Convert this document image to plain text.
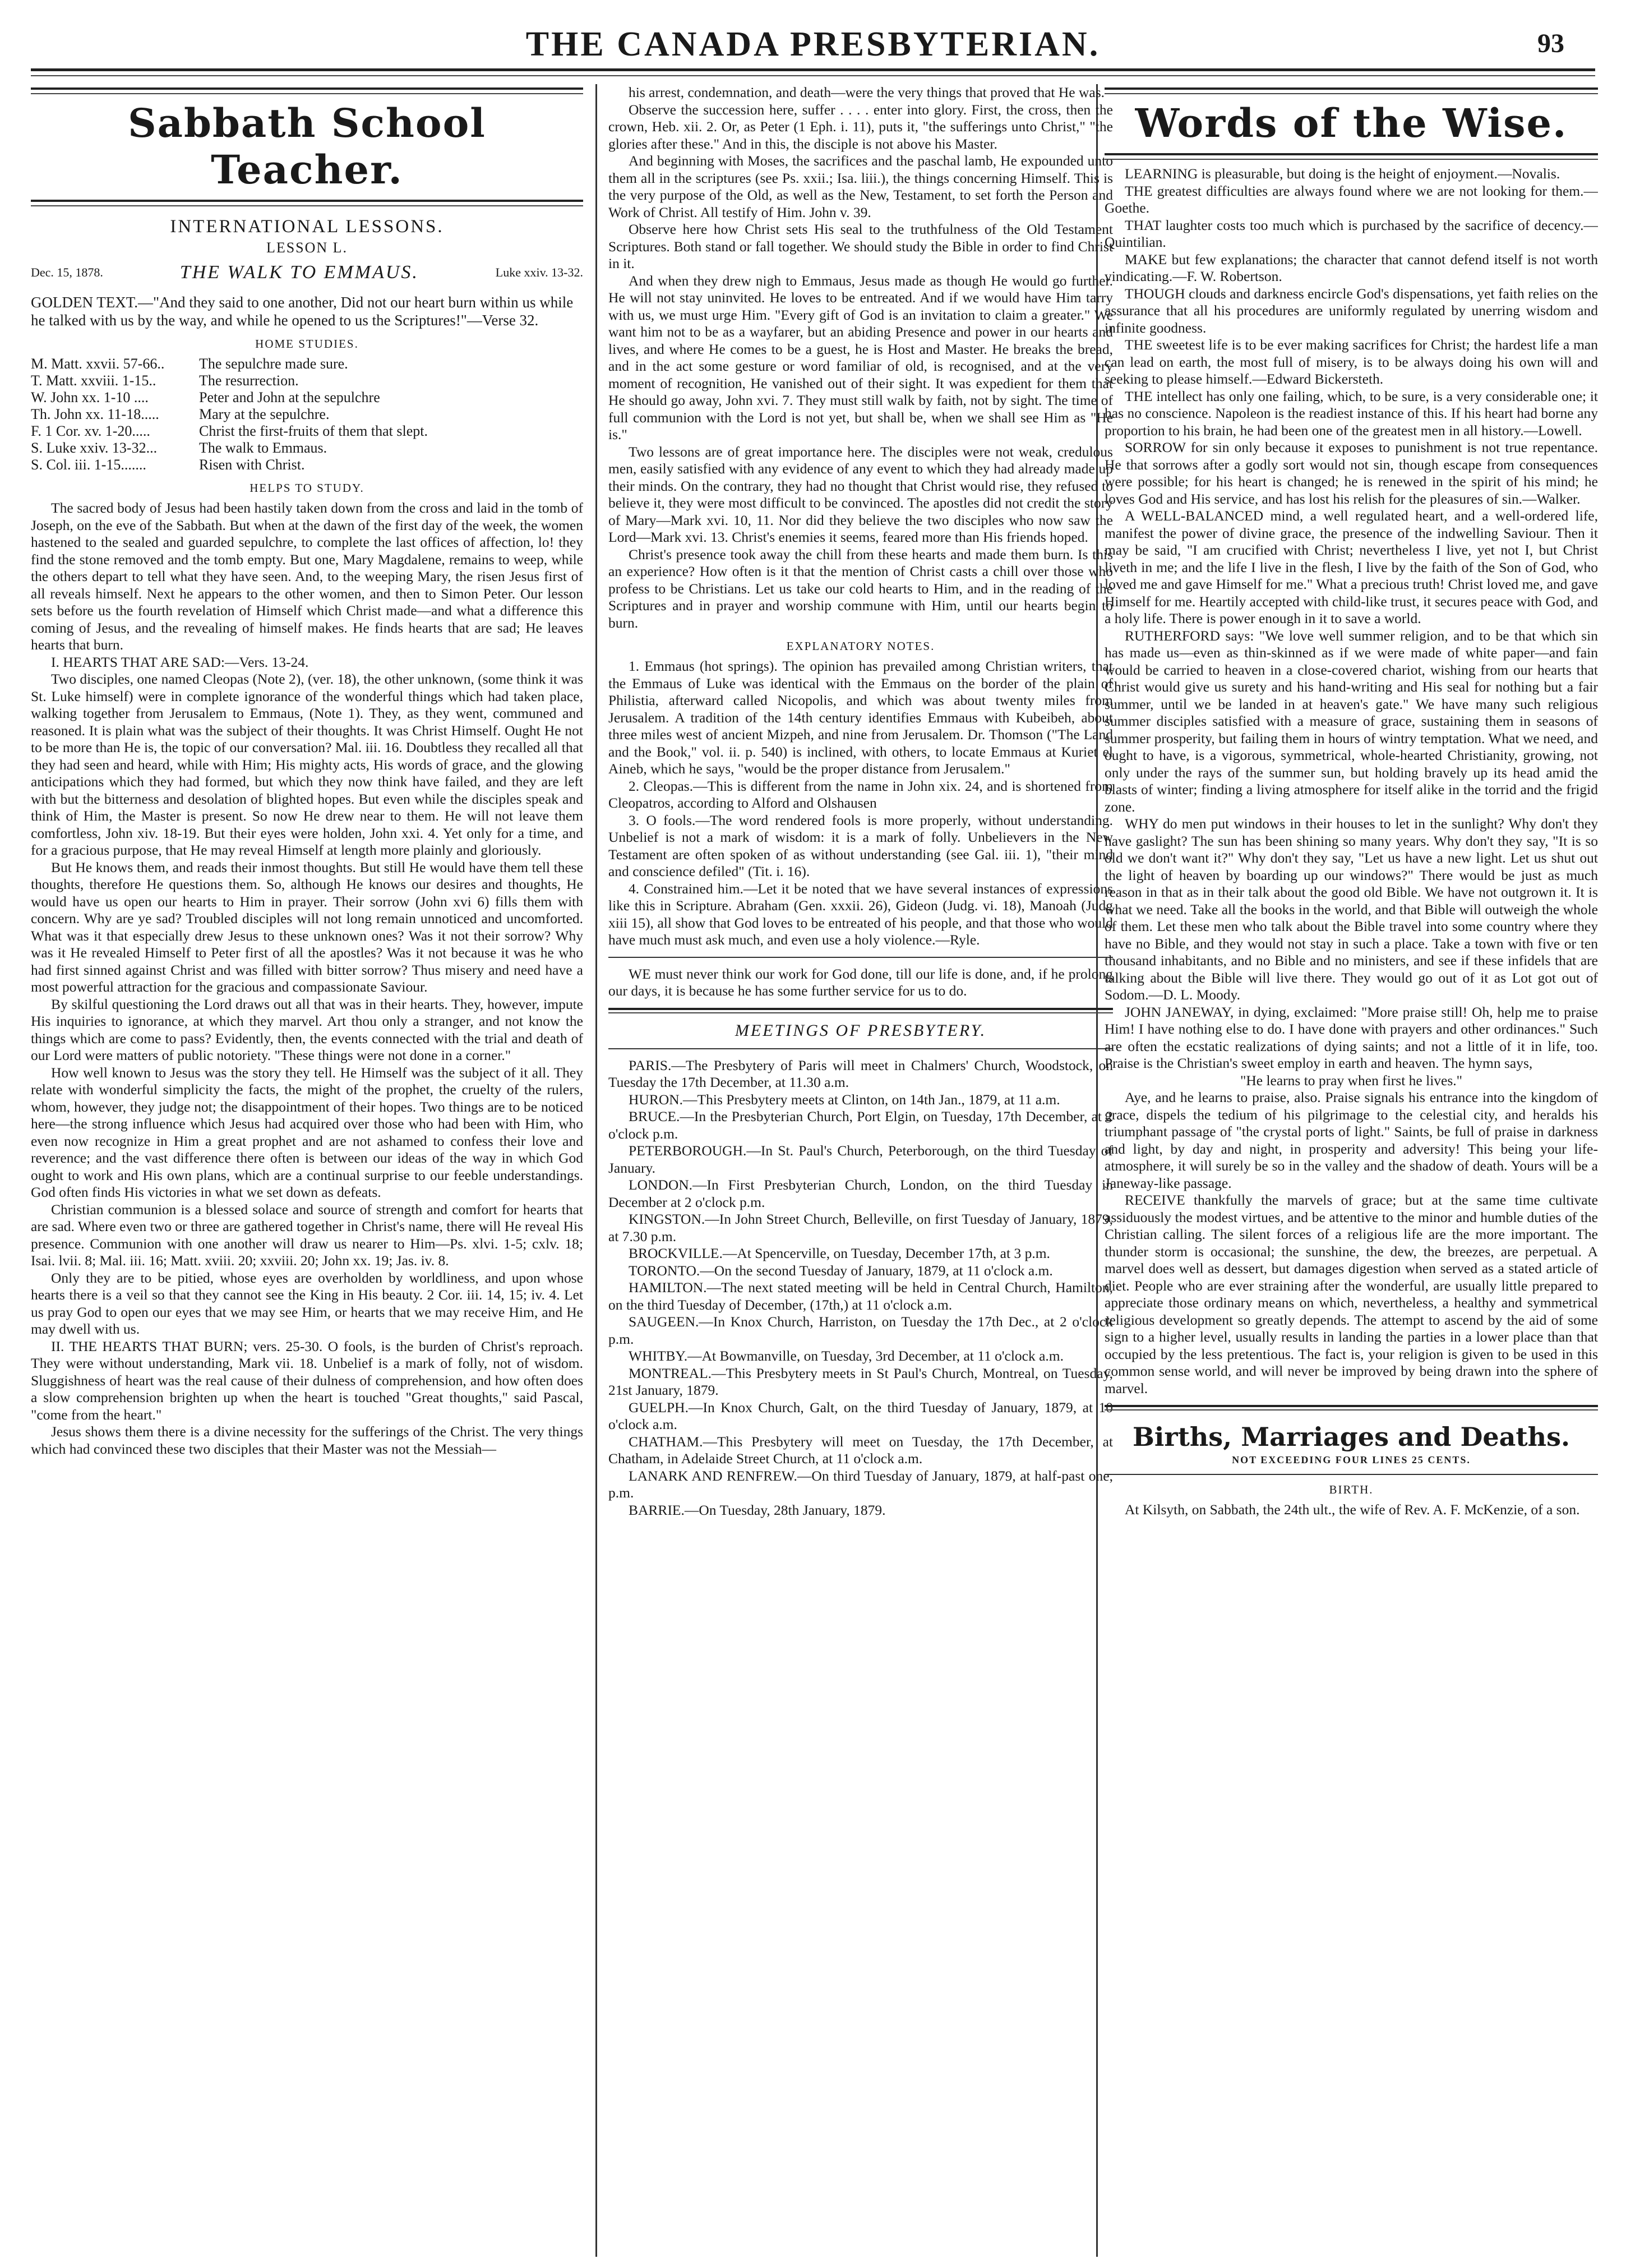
THE CANADA PRESBYTERIAN.	93
Sabbath School Teacher.
INTERNATIONAL LESSONS.
LESSON L.
Dec. 15, 1878.	THE WALK TO EMMAUS.	Luke xxiv. 13-32.

GOLDEN TEXT.—"And they said to one another, Did not our heart burn within us while he talked with us by the way, and while he opened to us the Scriptures!"—Verse 32.

HOME STUDIES.
M. Matt. xxvii. 57-66..	The sepulchre made sure.
T. Matt. xxviii. 1-15..	The resurrection.
W. John xx. 1-10 ....	Peter and John at the sepulchre
Th. John xx. 11-18.....	Mary at the sepulchre.
F. 1 Cor. xv. 1-20.....	Christ the first-fruits of them that slept.
S. Luke xxiv. 13-32...	The walk to Emmaus.
S. Col. iii. 1-15.......	Risen with Christ.
HELPS TO STUDY.

The sacred body of Jesus had been hastily taken down from the cross and laid in the tomb of Joseph, on the eve of the Sabbath. But when at the dawn of the first day of the week, the women hastened to the sealed and guarded sepulchre, to complete the last offices of affection, lo! they find the stone removed and the tomb empty. But one, Mary Magdalene, remains to weep, while the others depart to tell what they have seen. And, to the weeping Mary, the risen Jesus first of all reveals himself. Next he appears to the other women, and then to Simon Peter. Our lesson sets before us the fourth revelation of Himself which Christ made—and what a difference this coming of Jesus, and the revealing of himself makes. He finds hearts that are sad; He leaves hearts that burn.

I. HEARTS THAT ARE SAD:—Vers. 13-24.

Two disciples, one named Cleopas (Note 2), (ver. 18), the other unknown, (some think it was St. Luke himself) were in complete ignorance of the wonderful things which had taken place, walking together from Jerusalem to Emmaus, (Note 1). They, as they went, communed and reasoned. It is plain what was the subject of their thoughts. It was Christ Himself. Ought He not to be more than He is, the topic of our conversation? Mal. iii. 16. Doubtless they recalled all that they had seen and heard, while with Him; His mighty acts, His words of grace, and the glowing anticipations which they had formed, but which they now think have failed, and they are left with but the bitterness and desolation of blighted hopes. But even while the disciples speak and think of Him, the Master is present. So now He drew near to them. He will not leave them comfortless, John xiv. 18-19. But their eyes were holden, John xxi. 4. Yet only for a time, and for a gracious purpose, that He may reveal Himself at length more plainly and gloriously.

But He knows them, and reads their inmost thoughts. But still He would have them tell these thoughts, therefore He questions them. So, although He knows our desires and thoughts, He would have us open our hearts to Him in prayer. Their sorrow (John xvi 6) fills them with concern. Why are ye sad? Troubled disciples will not long remain unnoticed and uncomforted. What was it that especially drew Jesus to these unknown ones? Was it not their sorrow? Why was it He revealed Himself to Peter first of all the apostles? Was it not because it was he who had first sinned against Christ and was filled with bitter sorrow? Thus misery and need have a most powerful attraction for the gracious and compassionate Saviour.

By skilful questioning the Lord draws out all that was in their hearts. They, however, impute His inquiries to ignorance, at which they marvel. Art thou only a stranger, and not know the things which are come to pass? Evidently, then, the events connected with the trial and death of our Lord were matters of public notoriety. "These things were not done in a corner."

How well known to Jesus was the story they tell. He Himself was the subject of it all. They relate with wonderful simplicity the facts, the might of the prophet, the cruelty of the rulers, whom, however, they judge not; the disappointment of their hopes. Two things are to be noticed here—the strong influence which Jesus had acquired over those who had been with Him, who even now recognize in Him a great prophet and are not ashamed to confess their love and reverence; and the vast difference there often is between our ideas of the way in which God ought to work and His own plans, which are a continual surprise to our feeble understandings. God often finds His victories in what we set down as defeats.

Christian communion is a blessed solace and source of strength and comfort for hearts that are sad. Where even two or three are gathered together in Christ's name, there will He reveal His presence. Communion with one another will draw us nearer to Him—Ps. xlvi. 1-5; cxlv. 18; Isai. lvii. 8; Mal. iii. 16; Matt. xviii. 20; xxviii. 20; John xx. 19; Jas. iv. 8.

Only they are to be pitied, whose eyes are overholden by worldliness, and upon whose hearts there is a veil so that they cannot see the King in His beauty. 2 Cor. iii. 14, 15; iv. 4. Let us pray God to open our eyes that we may see Him, or hearts that we may receive Him, and He may dwell with us.

II. THE HEARTS THAT BURN; vers. 25-30. O fools, is the burden of Christ's reproach. They were without understanding, Mark vii. 18. Unbelief is a mark of folly, not of wisdom. Sluggishness of heart was the real cause of their dulness of comprehension, and how often does a slow comprehension brighten up when the heart is touched "Great thoughts," said Pascal, "come from the heart."

Jesus shows them there is a divine necessity for the sufferings of the Christ. The very things which had convinced these two disciples that their Master was not the Messiah—

his arrest, condemnation, and death—were the very things that proved that He was.

Observe the succession here, suffer . . . . enter into glory. First, the cross, then the crown, Heb. xii. 2. Or, as Peter (1 Eph. i. 11), puts it, "the sufferings unto Christ," "the glories after these." And in this, the disciple is not above his Master.

And beginning with Moses, the sacrifices and the paschal lamb, He expounded unto them all in the scriptures (see Ps. xxii.; Isa. liii.), the things concerning Himself. This is the very purpose of the Old, as well as the New, Testament, to set forth the Person and Work of Christ. All testify of Him. John v. 39.

Observe here how Christ sets His seal to the truthfulness of the Old Testament Scriptures. Both stand or fall together. We should study the Bible in order to find Christ in it.

And when they drew nigh to Emmaus, Jesus made as though He would go further. He will not stay uninvited. He loves to be entreated. And if we would have Him tarry with us, we must urge Him. "Every gift of God is an invitation to claim a greater." We want him not to be as a wayfarer, but an abiding Presence and power in our hearts and lives, and where He comes to be a guest, he is Host and Master. He breaks the bread, and in the act some gesture or word familiar of old, is recognised, and at the very moment of recognition, He vanished out of their sight. It was expedient for them that He should go away, John xvi. 7. They must still walk by faith, not by sight. The time of full communion with the Lord is not yet, but shall be, when we shall see Him as "He is."

Two lessons are of great importance here. The disciples were not weak, credulous men, easily satisfied with any evidence of any event to which they had already made up their minds. On the contrary, they had no thought that Christ would rise, they refused to believe it, they were most difficult to be convinced. The apostles did not credit the story of Mary—Mark xvi. 10, 11. Nor did they believe the two disciples who now saw the Lord—Mark xvi. 13. Christ's enemies it seems, feared more than His friends hoped.

Christ's presence took away the chill from these hearts and made them burn. Is this an experience? How often is it that the mention of Christ casts a chill over those who profess to be Christians. Let us take our cold hearts to Him, and in the reading of the Scriptures and in prayer and worship commune with Him, until our hearts begin to burn.

EXPLANATORY NOTES.

1. Emmaus (hot springs). The opinion has prevailed among Christian writers, that the Emmaus of Luke was identical with the Emmaus on the border of the plain of Philistia, afterward called Nicopolis, and which was about twenty miles from Jerusalem. A tradition of the 14th century identifies Emmaus with Kubeibeh, about three miles west of ancient Mizpeh, and nine from Jerusalem. Dr. Thomson ("The Land and the Book," vol. ii. p. 540) is inclined, with others, to locate Emmaus at Kuriet el Aineb, which he says, "would be the proper distance from Jerusalem."

2. Cleopas.—This is different from the name in John xix. 24, and is shortened from Cleopatros, according to Alford and Olshausen

3. O fools.—The word rendered fools is more properly, without understanding. Unbelief is not a mark of wisdom: it is a mark of folly. Unbelievers in the New Testament are often spoken of as without understanding (see Gal. iii. 1), "their mind and conscience defiled" (Tit. i. 16).

4. Constrained him.—Let it be noted that we have several instances of expressions like this in Scripture. Abraham (Gen. xxxii. 26), Gideon (Judg. vi. 18), Manoah (Judg xiii 15), all show that God loves to be entreated of his people, and that those who would have much must ask much, and even use a holy violence.—Ryle.

WE must never think our work for God done, till our life is done, and, if he prolong our days, it is because he has some further service for us to do.

MEETINGS OF PRESBYTERY.

PARIS.—The Presbytery of Paris will meet in Chalmers' Church, Woodstock, on Tuesday the 17th December, at 11.30 a.m.

HURON.—This Presbytery meets at Clinton, on 14th Jan., 1879, at 11 a.m.

BRUCE.—In the Presbyterian Church, Port Elgin, on Tuesday, 17th December, at 2 o'clock p.m.

PETERBOROUGH.—In St. Paul's Church, Peterborough, on the third Tuesday of January.

LONDON.—In First Presbyterian Church, London, on the third Tuesday in December at 2 o'clock p.m.

KINGSTON.—In John Street Church, Belleville, on first Tuesday of January, 1879, at 7.30 p.m.

BROCKVILLE.—At Spencerville, on Tuesday, December 17th, at 3 p.m.

TORONTO.—On the second Tuesday of January, 1879, at 11 o'clock a.m.

HAMILTON.—The next stated meeting will be held in Central Church, Hamilton, on the third Tuesday of December, (17th,) at 11 o'clock a.m.

SAUGEEN.—In Knox Church, Harriston, on Tuesday the 17th Dec., at 2 o'clock p.m.

WHITBY.—At Bowmanville, on Tuesday, 3rd December, at 11 o'clock a.m.

MONTREAL.—This Presbytery meets in St Paul's Church, Montreal, on Tuesday, 21st January, 1879.

GUELPH.—In Knox Church, Galt, on the third Tuesday of January, 1879, at 10 o'clock a.m.

CHATHAM.—This Presbytery will meet on Tuesday, the 17th December, at Chatham, in Adelaide Street Church, at 11 o'clock a.m.

LANARK AND RENFREW.—On third Tuesday of January, 1879, at half-past one, p.m.

BARRIE.—On Tuesday, 28th January, 1879.

Words of the Wise.

LEARNING is pleasurable, but doing is the height of enjoyment.—Novalis.

THE greatest difficulties are always found where we are not looking for them.—Goethe.

THAT laughter costs too much which is purchased by the sacrifice of decency.—Quintilian.

MAKE but few explanations; the character that cannot defend itself is not worth vindicating.—F. W. Robertson.

THOUGH clouds and darkness encircle God's dispensations, yet faith relies on the assurance that all his procedures are uniformly regulated by unerring wisdom and infinite goodness.

THE sweetest life is to be ever making sacrifices for Christ; the hardest life a man can lead on earth, the most full of misery, is to be always doing his own will and seeking to please himself.—Edward Bickersteth.

THE intellect has only one failing, which, to be sure, is a very considerable one; it has no conscience. Napoleon is the readiest instance of this. If his heart had borne any proportion to his brain, he had been one of the greatest men in all history.—Lowell.

SORROW for sin only because it exposes to punishment is not true repentance. He that sorrows after a godly sort would not sin, though escape from consequences were possible; for his heart is changed; he is renewed in the spirit of his mind; he loves God and His service, and has lost his relish for the pleasures of sin.—Walker.

A WELL-BALANCED mind, a well regulated heart, and a well-ordered life, manifest the power of divine grace, the presence of the indwelling Saviour. Then it may be said, "I am crucified with Christ; nevertheless I live, yet not I, but Christ liveth in me; and the life I live in the flesh, I live by the faith of the Son of God, who loved me and gave Himself for me." What a precious truth! Christ loved me, and gave Himself for me. Heartily accepted with child-like trust, it secures peace with God, and a holy life. There is power enough in it to save a world.

RUTHERFORD says: "We love well summer religion, and to be that which sin has made us—even as thin-skinned as if we were made of white paper—and fain would be carried to heaven in a close-covered chariot, wishing from our hearts that Christ would give us surety and his hand-writing and His seal for nothing but a fair summer, until we be landed in at heaven's gate." We have many such religious summer disciples satisfied with a measure of grace, sustaining them in seasons of summer prosperity, but failing them in hours of wintry temptation. What we need, and ought to have, is a vigorous, symmetrical, whole-hearted Christianity, growing, not only under the rays of the summer sun, but holding bravely up its head amid the blasts of winter; finding a living atmosphere for itself alike in the torrid and the frigid zone.

WHY do men put windows in their houses to let in the sunlight? Why don't they have gaslight? The sun has been shining so many years. Why don't they say, "It is so old we don't want it?" Why don't they say, "Let us have a new light. Let us shut out the light of heaven by boarding up our windows?" There would be just as much reason in that as in their talk about the good old Bible. We have not outgrown it. It is what we need. Take all the books in the world, and that Bible will outweigh the whole of them. Let these men who talk about the Bible travel into some country where they have no Bible, and they would not stay in such a place. Take a town with five or ten thousand inhabitants, and no Bible and no ministers, and see if these infidels that are talking about the Bible will live there. They would go out of it as Lot got out of Sodom.—D. L. Moody.

JOHN JANEWAY, in dying, exclaimed: "More praise still! Oh, help me to praise Him! I have nothing else to do. I have done with prayers and other ordinances." Such are often the ecstatic realizations of dying saints; and not a little of it in life, too. Praise is the Christian's sweet employ in earth and heaven. The hymn says,

"He learns to pray when first he lives."

Aye, and he learns to praise, also. Praise signals his entrance into the kingdom of grace, dispels the tedium of his pilgrimage to the celestial city, and heralds his triumphant passage of "the crystal ports of light." Saints, be full of praise in darkness and light, by day and night, in prosperity and adversity! This being your life-atmosphere, it will surely be so in the valley and the shadow of death. Yours will be a Janeway-like passage.

RECEIVE thankfully the marvels of grace; but at the same time cultivate assiduously the modest virtues, and be attentive to the minor and humble duties of the Christian calling. The silent forces of a religious life are the more important. The thunder storm is occasional; the sunshine, the dew, the breezes, are perpetual. A marvel does well as dessert, but damages digestion when served as a stated article of diet. People who are ever straining after the wonderful, are usually little prepared to appreciate those ordinary means on which, nevertheless, a healthy and symmetrical religious development so greatly depends. The attempt to ascend by the aid of some sign to a higher level, usually results in landing the parties in a lower place than that occupied by the less pretentious. The fact is, your religion is given to be used in this common sense world, and will never be improved by being drawn into the sphere of marvel.

Births, Marriages and Deaths.
NOT EXCEEDING FOUR LINES 25 CENTS.
BIRTH.

At Kilsyth, on Sabbath, the 24th ult., the wife of Rev. A. F. McKenzie, of a son.
